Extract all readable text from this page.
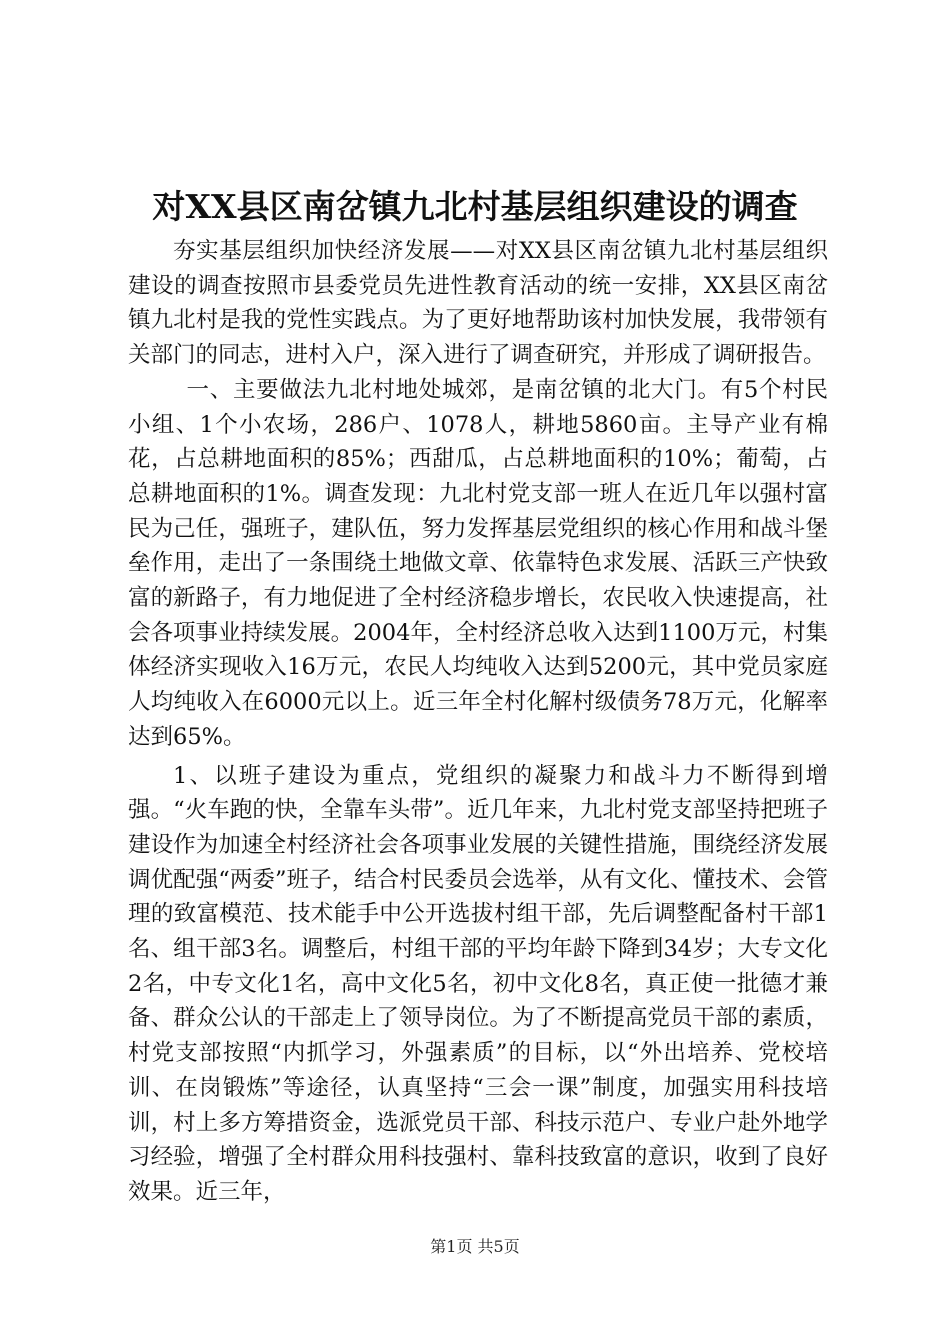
对XX县区南岔镇九北村基层组织建设的调查

夯实基层组织加快经济发展——对XX县区南岔镇九北村基层组织建设的调查按照市县委党员先进性教育活动的统一安排，XX县区南岔镇九北村是我的党性实践点。为了更好地帮助该村加快发展，我带领有关部门的同志，进村入户，深入进行了调查研究，并形成了调研报告。

一、主要做法九北村地处城郊，是南岔镇的北大门。有5个村民小组、1个小农场，286户、1078人，耕地5860亩。主导产业有棉花，占总耕地面积的85%；西甜瓜，占总耕地面积的10%；葡萄，占总耕地面积的1%。调查发现：九北村党支部一班人在近几年以强村富民为己任，强班子，建队伍，努力发挥基层党组织的核心作用和战斗堡垒作用，走出了一条围绕土地做文章、依靠特色求发展、活跃三产快致富的新路子，有力地促进了全村经济稳步增长，农民收入快速提高，社会各项事业持续发展。2004年，全村经济总收入达到1100万元，村集体经济实现收入16万元，农民人均纯收入达到5200元，其中党员家庭人均纯收入在6000元以上。近三年全村化解村级债务78万元，化解率达到65%。

1、以班子建设为重点，党组织的凝聚力和战斗力不断得到增强。“火车跑的快，全靠车头带”。近几年来，九北村党支部坚持把班子建设作为加速全村经济社会各项事业发展的关键性措施，围绕经济发展调优配强“两委”班子，结合村民委员会选举，从有文化、懂技术、会管理的致富模范、技术能手中公开选拔村组干部，先后调整配备村干部1名、组干部3名。调整后，村组干部的平均年龄下降到34岁；大专文化2名，中专文化1名，高中文化5名，初中文化8名，真正使一批德才兼备、群众公认的干部走上了领导岗位。为了不断提高党员干部的素质，村党支部按照“内抓学习，外强素质”的目标，以“外出培养、党校培训、在岗锻炼”等途径，认真坚持“三会一课”制度，加强实用科技培训，村上多方筹措资金，选派党员干部、科技示范户、专业户赴外地学习经验，增强了全村群众用科技强村、靠科技致富的意识，收到了良好效果。近三年，

第1页 共5页
